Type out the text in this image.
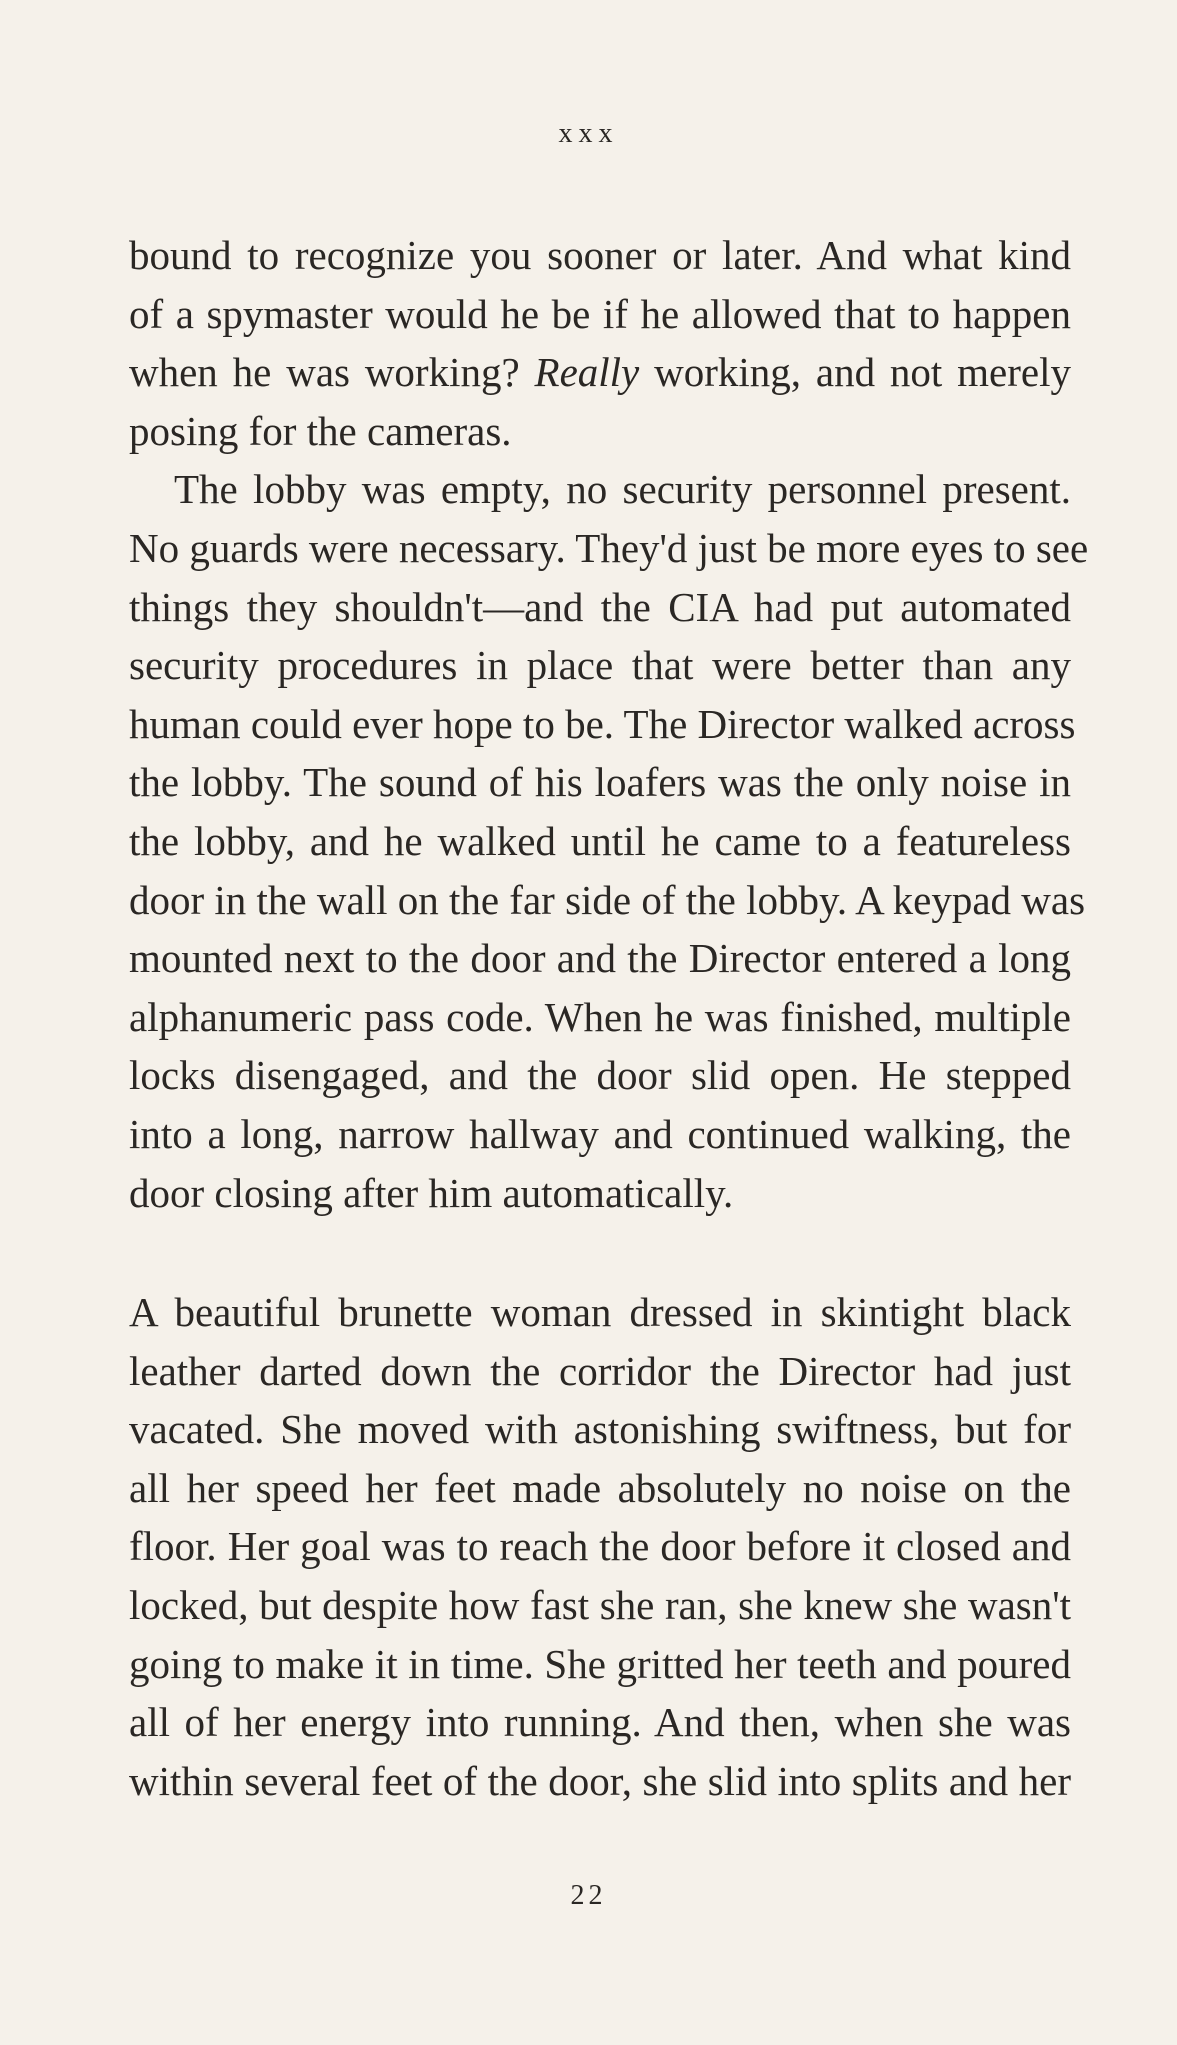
xxx

bound to recognize you sooner or later. And what kind

of a spymaster would he be if he allowed that to happen

when he was working? Really working, and not merely

posing for the cameras.

The lobby was empty, no security personnel present.

No guards were necessary. They'd just be more eyes to see

things they shouldn't—and the CIA had put automated

security procedures in place that were better than any

human could ever hope to be. The Director walked across

the lobby. The sound of his loafers was the only noise in

the lobby, and he walked until he came to a featureless

door in the wall on the far side of the lobby. A keypad was

mounted next to the door and the Director entered a long

alphanumeric pass code. When he was finished, multiple

locks disengaged, and the door slid open. He stepped

into a long, narrow hallway and continued walking, the

door closing after him automatically.

A beautiful brunette woman dressed in skintight black

leather darted down the corridor the Director had just

vacated. She moved with astonishing swiftness, but for

all her speed her feet made absolutely no noise on the

floor. Her goal was to reach the door before it closed and

locked, but despite how fast she ran, she knew she wasn't

going to make it in time. She gritted her teeth and poured

all of her energy into running. And then, when she was

within several feet of the door, she slid into splits and her

22
